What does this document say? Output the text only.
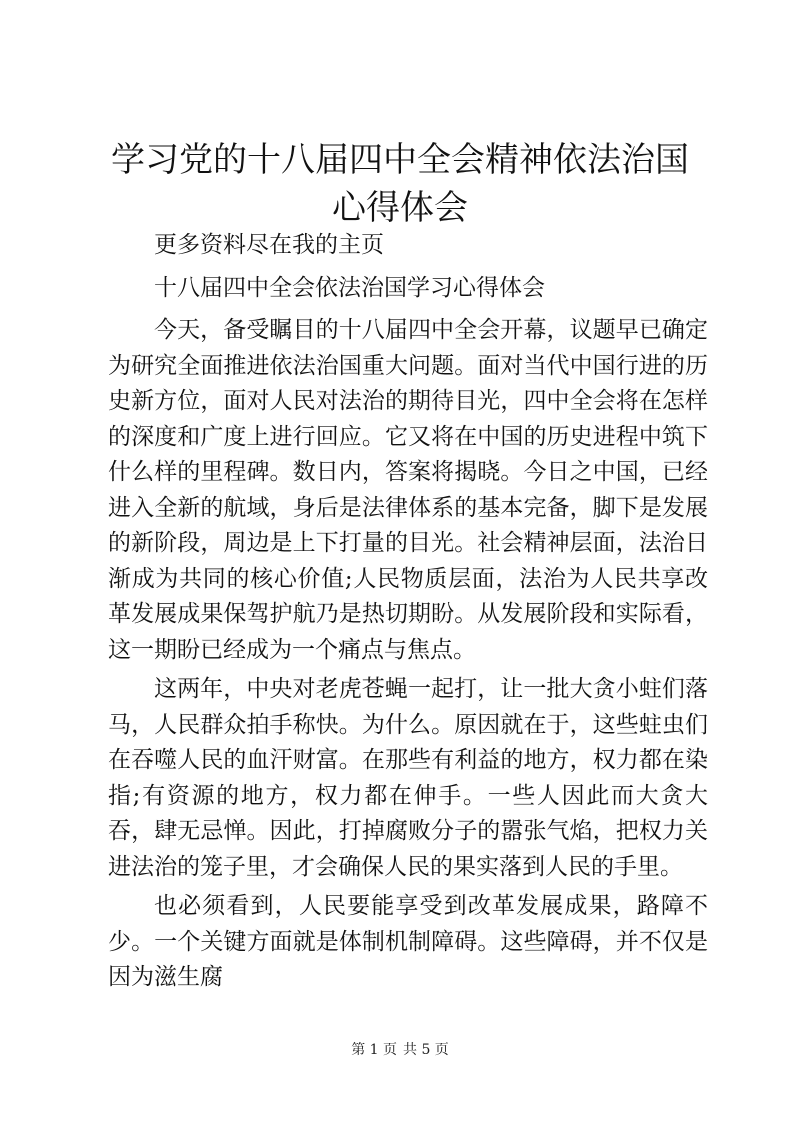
学习党的十八届四中全会精神依法治国心得体会

更多资料尽在我的主页

十八届四中全会依法治国学习心得体会

今天，备受瞩目的十八届四中全会开幕，议题早已确定为研究全面推进依法治国重大问题。面对当代中国行进的历史新方位，面对人民对法治的期待目光，四中全会将在怎样的深度和广度上进行回应。它又将在中国的历史进程中筑下什么样的里程碑。数日内，答案将揭晓。今日之中国，已经进入全新的航域，身后是法律体系的基本完备，脚下是发展的新阶段，周边是上下打量的目光。社会精神层面，法治日渐成为共同的核心价值;人民物质层面，法治为人民共享改革发展成果保驾护航乃是热切期盼。从发展阶段和实际看，这一期盼已经成为一个痛点与焦点。

这两年，中央对老虎苍蝇一起打，让一批大贪小蛀们落马，人民群众拍手称快。为什么。原因就在于，这些蛀虫们在吞噬人民的血汗财富。在那些有利益的地方，权力都在染指;有资源的地方，权力都在伸手。一些人因此而大贪大吞，肆无忌惮。因此，打掉腐败分子的嚣张气焰，把权力关进法治的笼子里，才会确保人民的果实落到人民的手里。

也必须看到，人民要能享受到改革发展成果，路障不少。一个关键方面就是体制机制障碍。这些障碍，并不仅是因为滋生腐

第 1 页 共 5 页
